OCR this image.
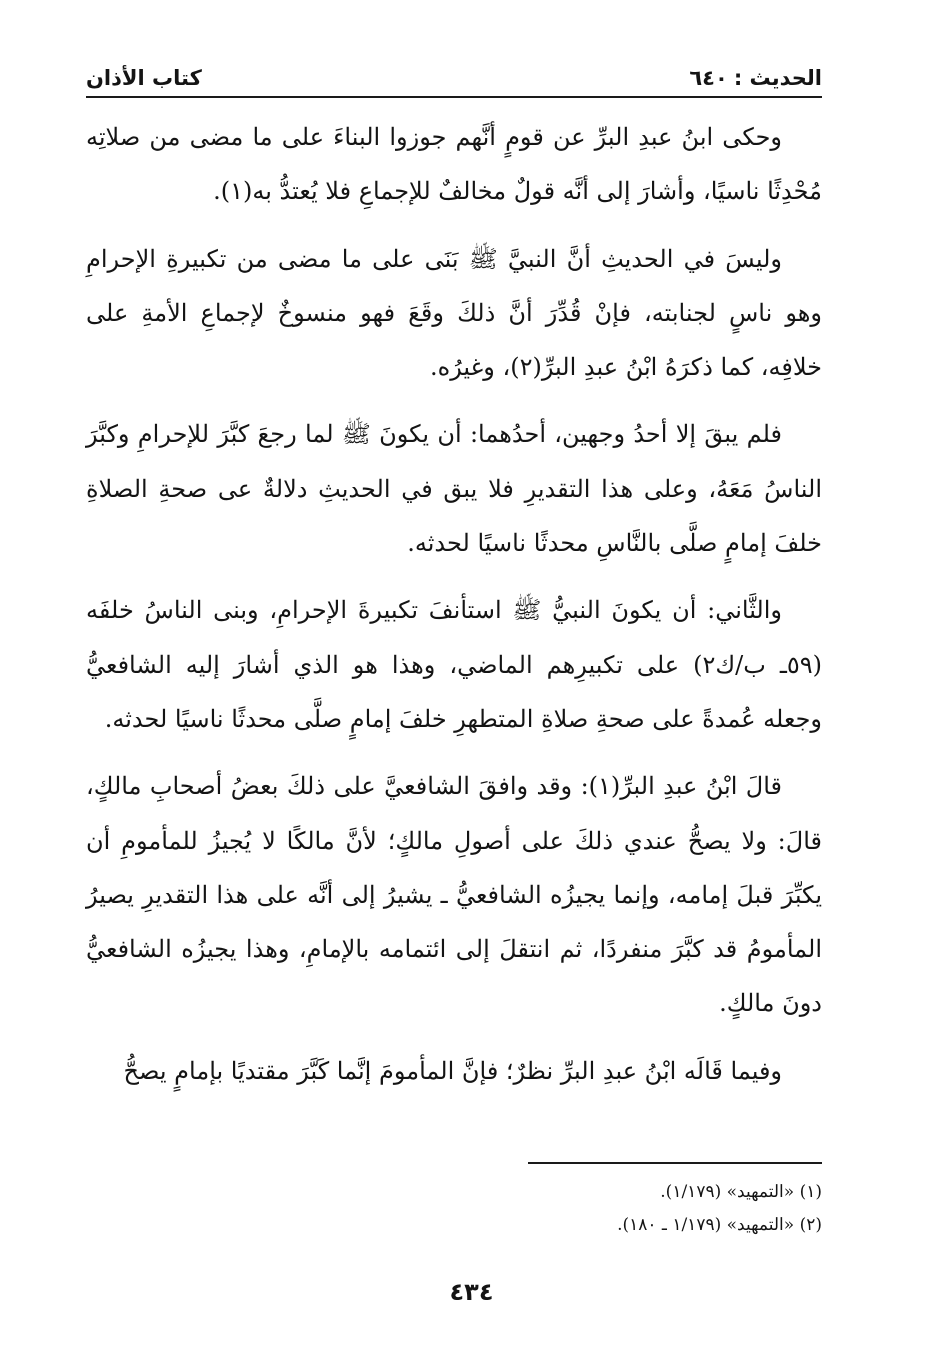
الحديث :
٦٤٠
كتاب الأذان

وحكى ابنُ عبدِ البرِّ عن قومٍ أنَّهم جوزوا البناءَ على ما مضى من صلاتِه مُحْدِثًا ناسيًا، وأشارَ إلى أنَّه قولٌ مخالفٌ للإجماعِ فلا يُعتدُّ به(١).

وليسَ في الحديثِ أنَّ النبيَّ ﷺ بَنَى على ما مضى من تكبيرةِ الإحرامِ وهو ناسٍ لجنابته، فإنْ قُدِّرَ أنَّ ذلكَ وقَعَ فهو منسوخٌ لإجماعِ الأمةِ على خلافِه، كما ذكرَهُ ابْنُ عبدِ البرِّ(٢)، وغيرُه.

فلم يبقَ إلا أحدُ وجهين، أحدُهما: أن يكونَ ﷺ لما رجعَ كبَّرَ للإحرامِ وكبَّرَ الناسُ مَعَهُ، وعلى هذا التقديرِ فلا يبق في الحديثِ دلالةٌ عى صحةِ الصلاةِ خلفَ إمامٍ صلَّى بالنَّاسِ محدثًا ناسيًا لحدثه.

والثَّاني: أن يكونَ النبيُّ ﷺ استأنفَ تكبيرةَ الإحرامِ، وبنى الناسُ خلفَه (٥٩ـ ب/ك٢) على تكبيرِهم الماضي، وهذا هو الذي أشارَ إليه الشافعيُّ وجعله عُمدةً على صحةِ صلاةِ المتطهرِ خلفَ إمامٍ صلَّى محدثًا ناسيًا لحدثه.

قالَ ابْنُ عبدِ البرِّ(١): وقد وافقَ الشافعيَّ على ذلكَ بعضُ أصحابِ مالكٍ، قالَ: ولا يصحُّ عندي ذلكَ على أصولِ مالكٍ؛ لأنَّ مالكًا لا يُجيزُ للمأمومِ أن يكبِّرَ قبلَ إمامه، وإنما يجيزُه الشافعيُّ ـ يشيرُ إلى أنَّه على هذا التقديرِ يصيرُ المأمومُ قد كبَّرَ منفردًا، ثم انتقلَ إلى ائتمامه بالإمامِ، وهذا يجيزُه الشافعيُّ دونَ مالكٍ.

وفيما قَالَه ابْنُ عبدِ البرِّ نظرٌ؛ فإنَّ المأمومَ إنَّما كَبَّرَ مقتديًا بإمامٍ يصحُّ

(١) «التمهيد» (١/١٧٩).
(٢) «التمهيد» (١/١٧٩ ـ ١٨٠).
٤٣٤
